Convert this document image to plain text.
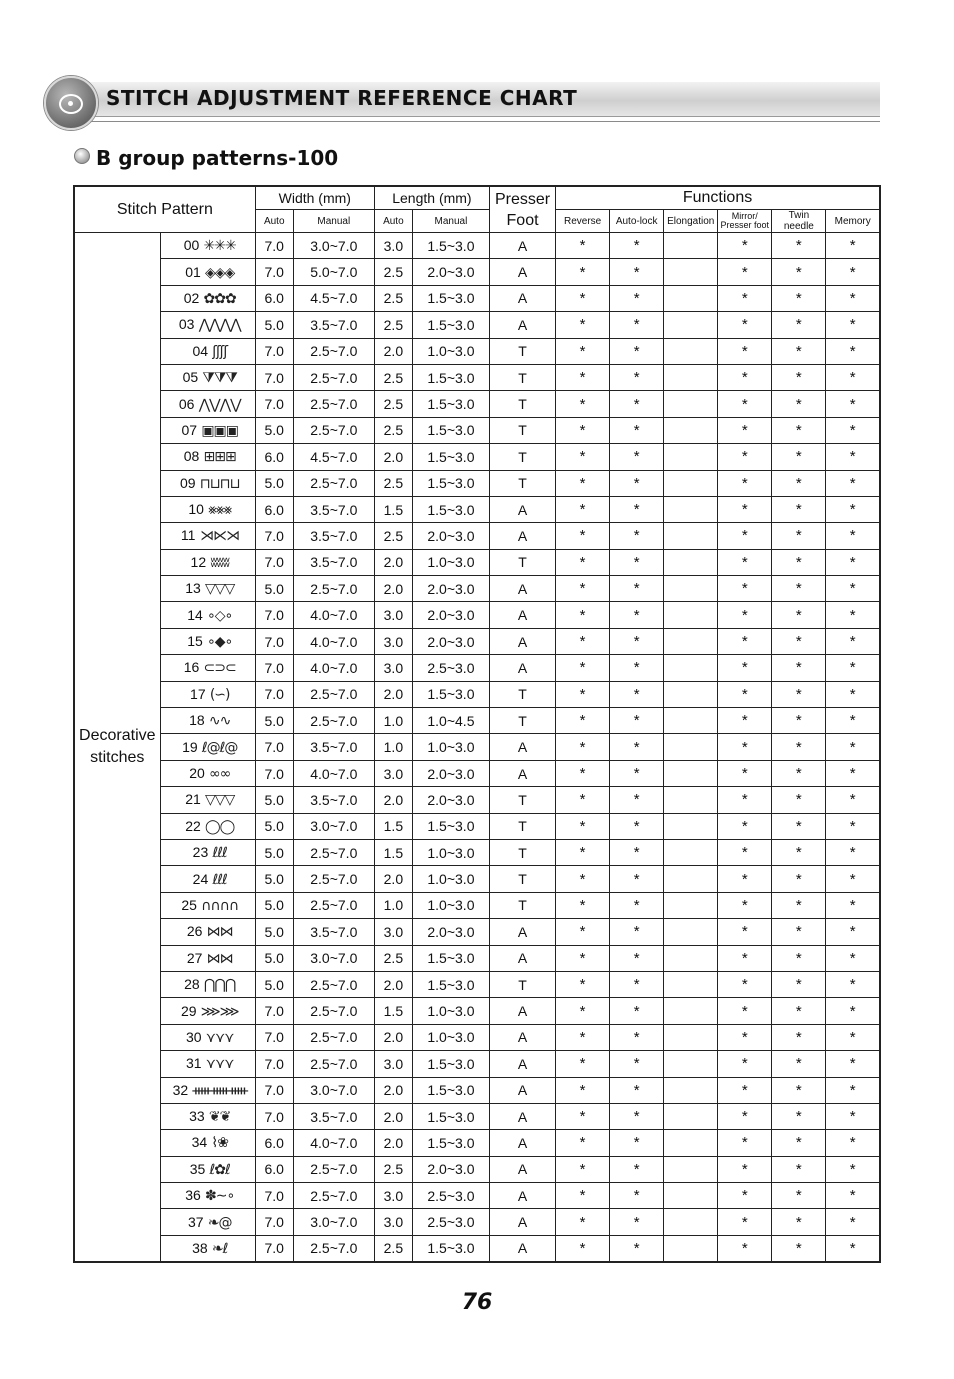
STITCH ADJUSTMENT REFERENCE CHART
B group patterns-100
Stitch Pattern		Width (mm)		Length (mm)		Presser
Foot	Functions					
		Auto	Manual	Auto	Manual		Reverse	Auto-lock	Elongation	Mirror/
Presser foot	Twin needle	Memory
Decorative
stitches	00 ✳✳✳	7.0	3.0~7.0	3.0	1.5~3.0	A	*	*		*	*	*
	01 ◈◈◈	7.0	5.0~7.0	2.5	2.0~3.0	A	*	*		*	*	*
	02 ✿✿✿	6.0	4.5~7.0	2.5	1.5~3.0	A	*	*		*	*	*
	03 ⋀⋀⋀⋀	5.0	3.5~7.0	2.5	1.5~3.0	A	*	*		*	*	*
	04 ʃʃʃʃ	7.0	2.5~7.0	2.0	1.0~3.0	T	*	*		*	*	*
	05 ⧩⧩⧩	7.0	2.5~7.0	2.5	1.5~3.0	T	*	*		*	*	*
	06 ⋀⋁⋀⋁	7.0	2.5~7.0	2.5	1.5~3.0	T	*	*		*	*	*
	07 ▣▣▣	5.0	2.5~7.0	2.5	1.5~3.0	T	*	*		*	*	*
	08 ⊞⊞⊞	6.0	4.5~7.0	2.0	1.5~3.0	T	*	*		*	*	*
	09 ⊓⊔⊓⊔	5.0	2.5~7.0	2.5	1.5~3.0	T	*	*		*	*	*
	10 ⨳⨳⨳	6.0	3.5~7.0	1.5	1.5~3.0	A	*	*		*	*	*
	11 ⋊⋉⋊	7.0	3.5~7.0	2.5	2.0~3.0	A	*	*		*	*	*
	12 ʬʬʬ	7.0	3.5~7.0	2.0	1.0~3.0	T	*	*		*	*	*
	13 ▽▽▽	5.0	2.5~7.0	2.0	2.0~3.0	A	*	*		*	*	*
	14 ∘◇∘	7.0	4.0~7.0	3.0	2.0~3.0	A	*	*		*	*	*
	15 ∘◆∘	7.0	4.0~7.0	3.0	2.0~3.0	A	*	*		*	*	*
	16 ⊂⊃⊂	7.0	4.0~7.0	3.0	2.5~3.0	A	*	*		*	*	*
	17 (∽)	7.0	2.5~7.0	2.0	1.5~3.0	T	*	*		*	*	*
	18 ∿∿	5.0	2.5~7.0	1.0	1.0~4.5	T	*	*		*	*	*
	19 ℓ@ℓ@	7.0	3.5~7.0	1.0	1.0~3.0	A	*	*		*	*	*
	20 ∞∞	7.0	4.0~7.0	3.0	2.0~3.0	A	*	*		*	*	*
	21 ▽▽▽	5.0	3.5~7.0	2.0	2.0~3.0	T	*	*		*	*	*
	22 ◯◯	5.0	3.0~7.0	1.5	1.5~3.0	T	*	*		*	*	*
	23 ℓℓℓ	5.0	2.5~7.0	1.5	1.0~3.0	T	*	*		*	*	*
	24 ℓℓℓ	5.0	2.5~7.0	2.0	1.0~3.0	T	*	*		*	*	*
	25 ∩∩∩∩	5.0	2.5~7.0	1.0	1.0~3.0	T	*	*		*	*	*
	26 ⋈⋈	5.0	3.5~7.0	3.0	2.0~3.0	A	*	*		*	*	*
	27 ⋈⋈	5.0	3.0~7.0	2.5	1.5~3.0	A	*	*		*	*	*
	28 ⋂⋂⋂	5.0	2.5~7.0	2.0	1.5~3.0	T	*	*		*	*	*
	29 ⋙⋙	7.0	2.5~7.0	1.5	1.0~3.0	A	*	*		*	*	*
	30 ⋎⋎⋎	7.0	2.5~7.0	2.0	1.0~3.0	A	*	*		*	*	*
	31 ⋎⋎⋎	7.0	2.5~7.0	3.0	1.5~3.0	A	*	*		*	*	*
	32 ᚔᚔᚔ	7.0	3.0~7.0	2.0	1.5~3.0	A	*	*		*	*	*
	33 ❦❦	7.0	3.5~7.0	2.0	1.5~3.0	A	*	*		*	*	*
	34 ⌇❀	6.0	4.0~7.0	2.0	1.5~3.0	A	*	*		*	*	*
	35 ℓ✿ℓ	6.0	2.5~7.0	2.5	2.0~3.0	A	*	*		*	*	*
	36 ✽∼∘	7.0	2.5~7.0	3.0	2.5~3.0	A	*	*		*	*	*
	37 ❧@	7.0	3.0~7.0	3.0	2.5~3.0	A	*	*		*	*	*
	38 ❧ℓ	7.0	2.5~7.0	2.5	1.5~3.0	A	*	*		*	*	*
76
